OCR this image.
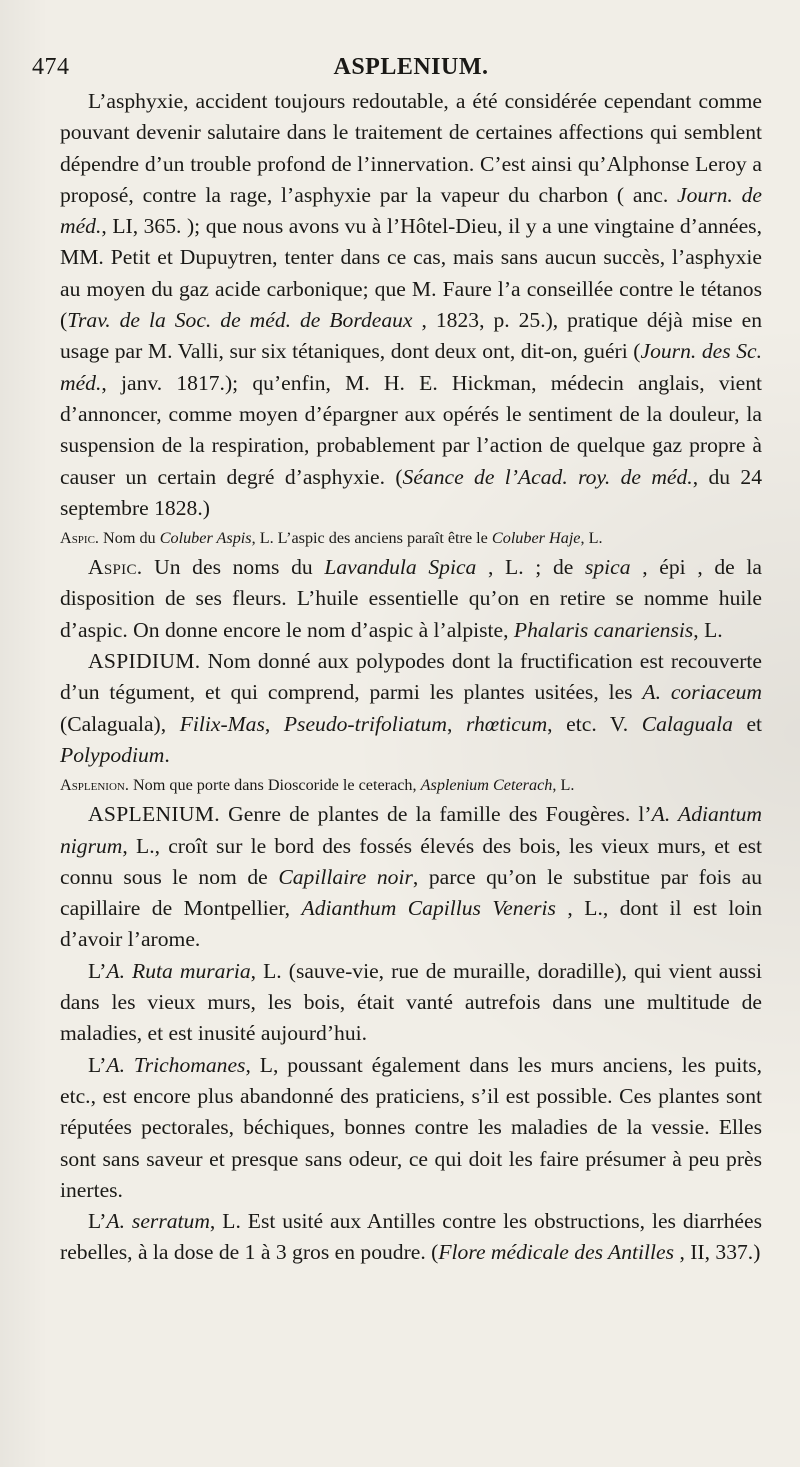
474	ASPLENIUM.

L’asphyxie, accident toujours redoutable, a été considérée cependant comme pouvant devenir salutaire dans le traitement de certaines affections qui semblent dépendre d’un trouble profond de l’innervation. C’est ainsi qu’Alphonse Leroy a proposé, contre la rage, l’asphyxie par la vapeur du charbon ( anc. Journ. de méd., LI, 365. ); que nous avons vu à l’Hôtel-Dieu, il y a une vingtaine d’années, MM. Petit et Dupuytren, tenter dans ce cas, mais sans aucun succès, l’asphyxie au moyen du gaz acide carbonique; que M. Faure l’a conseillée contre le tétanos (Trav. de la Soc. de méd. de Bordeaux , 1823, p. 25.), pratique déjà mise en usage par M. Valli, sur six tétaniques, dont deux ont, dit-on, guéri (Journ. des Sc. méd., janv. 1817.); qu’enfin, M. H. E. Hickman, médecin anglais, vient d’annoncer, comme moyen d’épargner aux opérés le sentiment de la douleur, la suspension de la respiration, probablement par l’action de quelque gaz propre à causer un certain degré d’asphyxie. (Séance de l’Acad. roy. de méd., du 24 septembre 1828.)

Aspic. Nom du Coluber Aspis, L. L’aspic des anciens paraît être le Coluber Haje, L.

Aspic. Un des noms du Lavandula Spica , L. ; de spica , épi , de la disposition de ses fleurs. L’huile essentielle qu’on en retire se nomme huile d’aspic. On donne encore le nom d’aspic à l’alpiste, Phalaris canariensis, L.

ASPIDIUM. Nom donné aux polypodes dont la fructification est recouverte d’un tégument, et qui comprend, parmi les plantes usitées, les A. coriaceum (Calaguala), Filix-Mas, Pseudo-trifoliatum, rhœticum, etc. V. Calaguala et Polypodium.

Asplenion. Nom que porte dans Dioscoride le ceterach, Asplenium Ceterach, L.

ASPLENIUM. Genre de plantes de la famille des Fougères. l’A. Adiantum nigrum, L., croît sur le bord des fossés élevés des bois, les vieux murs, et est connu sous le nom de Capillaire noir, parce qu’on le substitue par fois au capillaire de Montpellier, Adianthum Capillus Veneris , L., dont il est loin d’avoir l’arome.

L’A. Ruta muraria, L. (sauve-vie, rue de muraille, doradille), qui vient aussi dans les vieux murs, les bois, était vanté autrefois dans une multitude de maladies, et est inusité aujourd’hui.

L’A. Trichomanes, L, poussant également dans les murs anciens, les puits, etc., est encore plus abandonné des praticiens, s’il est possible. Ces plantes sont réputées pectorales, béchiques, bonnes contre les maladies de la vessie. Elles sont sans saveur et presque sans odeur, ce qui doit les faire présumer à peu près inertes.

L’A. serratum, L. Est usité aux Antilles contre les obstructions, les diarrhées rebelles, à la dose de 1 à 3 gros en poudre. (Flore médicale des Antilles , II, 337.)
